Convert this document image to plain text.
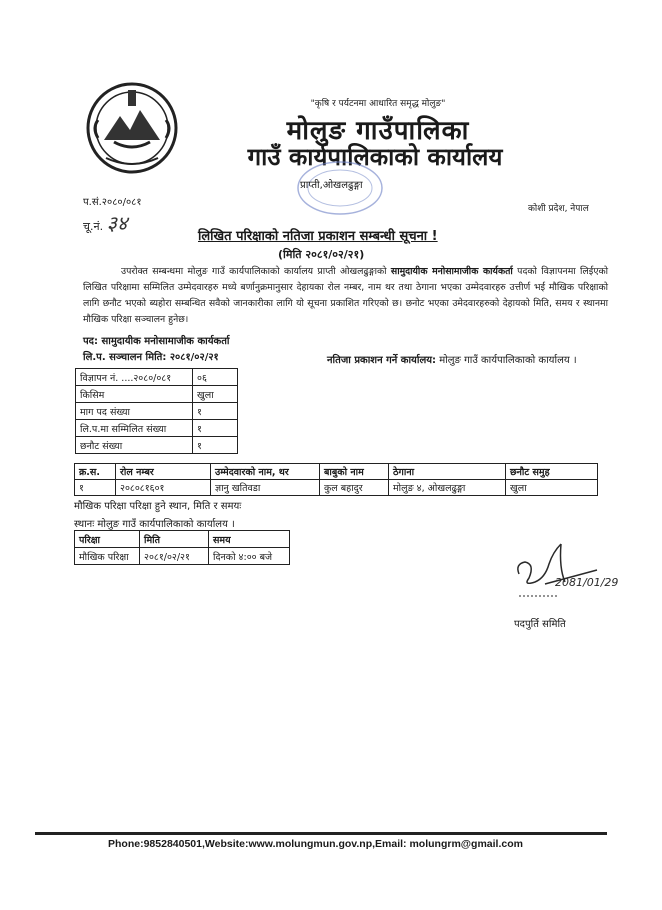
"कृषि र पर्यटनमा आधारित समृद्ध मोलुङ"
मोलुङ गाउँपालिका
गाउँ कार्यपालिकाको कार्यालय
प्राप्ती,ओखलढुङ्गा
प.सं.२०८०/०८१
चू.नं. ३४
कोशी प्रदेश, नेपाल
लिखित परिक्षाको नतिजा प्रकाशन सम्बन्धी सूचना !
(मिति २०८१/०२/२१)
उपरोक्त सम्बन्धमा मोलुङ गाउँ कार्यपालिकाको कार्यालय प्राप्ती ओखलढुङ्गाको सामुदायीक मनोसामाजीक कार्यकर्ता पदको विज्ञापनमा लिईएको लिखित परिक्षामा सम्मिलित उम्मेदवारहरु मध्ये बर्णानुक्रमानुसार देहायका रोल नम्बर, नाम थर तथा ठेगाना भएका उम्मेदवारहरु उत्तीर्ण भई मौखिक परिक्षाको लागि छनौट भएको ब्यहोरा सम्बन्धित सवैको जानकारीका लागि यो सूचना प्रकाशित गरिएको छ। छनोट भएका उमेदवारहरुको देहायको मिति, समय र स्थानमा मौखिक परिक्षा सञ्चालन हुनेछ।
पद: सामुदायीक मनोसामाजीक कार्यकर्ता
लि.प. सञ्चालन मिति: २०८१/०२/२१	नतिजा प्रकाशन गर्ने कार्यालय: मोलुङ गाउँ कार्यपालिकाको कार्यालय ।
विज्ञापन नं. ....२०८०/०८१	०६
किसिम	खुला
माग पद संख्या	१
लि.प.मा सम्मिलित संख्या	१
छनौट संख्या	१
क्र.स.	रोल नम्बर	उम्मेदवारको नाम, थर	बाबुको नाम	ठेगाना	छनौट समुह
१	२०८०८१६०१	ज्ञानु खतिवडा	कुल बहादुर	मोलुङ ४, ओखलढुङ्गा	खुला
मौखिक परिक्षा परिक्षा हुने स्थान, मिति र समयः
स्थानः मोलुङ गाउँ कार्यपालिकाको कार्यालय ।
परिक्षा	मिति	समय
मौखिक परिक्षा	२०८१/०२/२१	दिनको ४:०० बजे
2081/01/29
पदपुर्ति समिति
Phone:9852840501,Website:www.molungmun.gov.np,Email: molungrm@gmail.com
